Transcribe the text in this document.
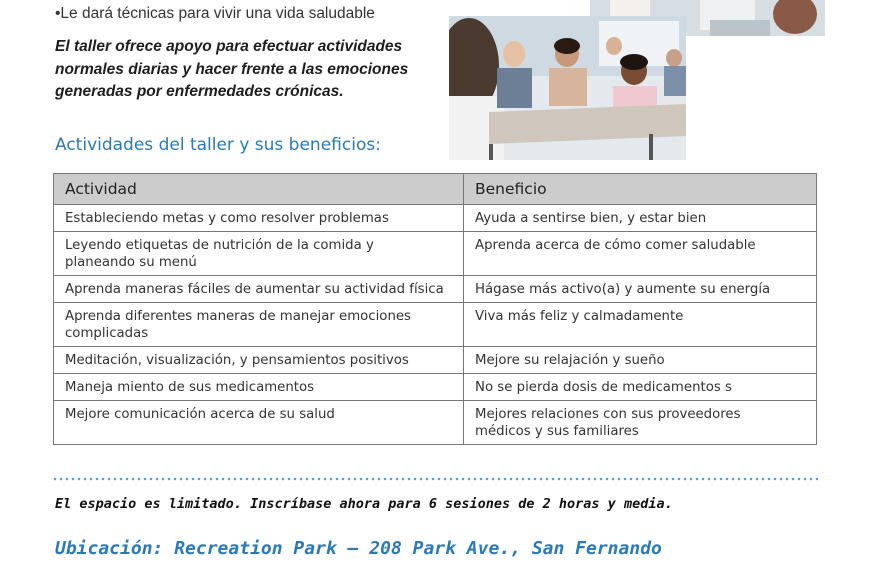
•Le dará técnicas para vivir una vida saludable
El taller ofrece apoyo para efectuar actividades
normales diarias y hacer frente a las emociones
generadas por enfermedades crónicas.
Actividades del taller y sus beneficios:
Actividad	Beneficio
Estableciendo metas y como resolver problemas	Ayuda a sentirse bien, y estar bien
Leyendo etiquetas de nutrición de la comida y
planeando su menú	Aprenda acerca de cómo comer saludable
Aprenda maneras fáciles de aumentar su actividad física	Hágase más activo(a) y aumente su energía
Aprenda diferentes maneras de manejar emociones
complicadas	Viva más feliz y calmadamente
Meditación, visualización, y pensamientos positivos	Mejore su relajación y sueño
Maneja miento de sus medicamentos	No se pierda dosis de medicamentos s
Mejore comunicación acerca de su salud	Mejores relaciones con sus proveedores
médicos y sus familiares
El espacio es limitado. Inscríbase ahora para 6 sesiones de 2 horas y media.
Ubicación: Recreation Park – 208 Park Ave., San Fernando
